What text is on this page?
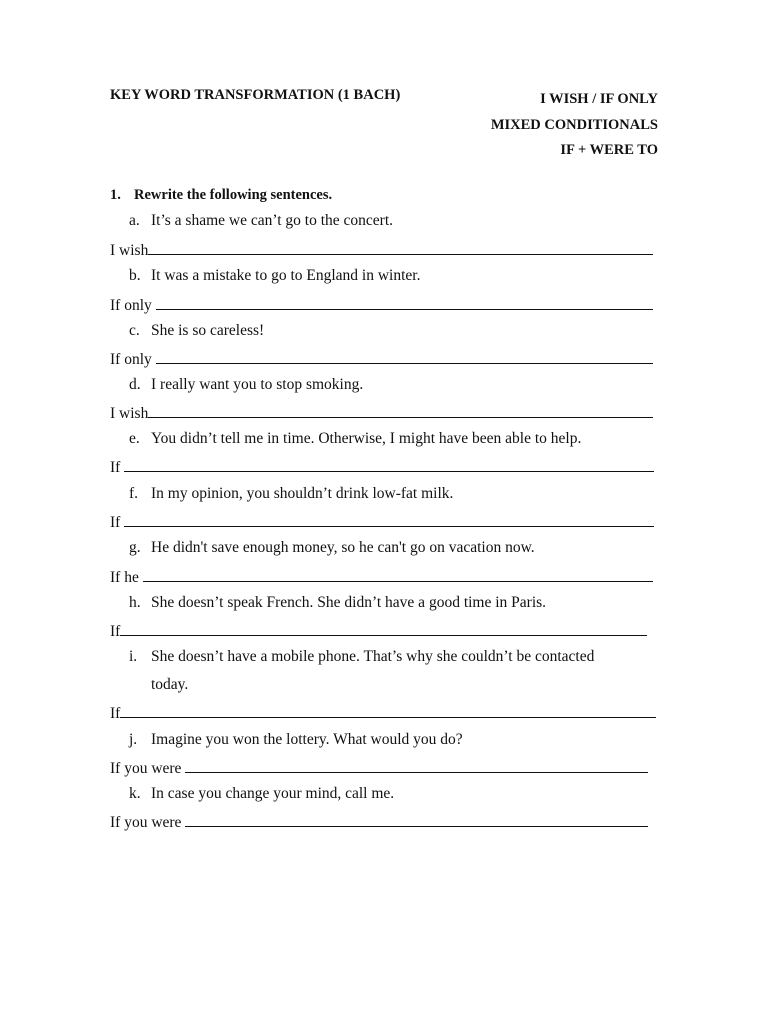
KEY WORD TRANSFORMATION (1 BACH)	I WISH / IF ONLY
MIXED CONDITIONALS
IF + WERE TO
1. Rewrite the following sentences.
a. It’s a shame we can’t go to the concert.
I wish
b. It was a mistake to go to England in winter.
If only
c. She is so careless!
If only
d. I really want you to stop smoking.
I wish
e. You didn’t tell me in time. Otherwise, I might have been able to help.
If
f. In my opinion, you shouldn’t drink low-fat milk.
If
g. He didn't save enough money, so he can't go on vacation now.
If he
h. She doesn’t speak French. She didn’t have a good time in Paris.
If
i. She doesn’t have a mobile phone. That’s why she couldn’t be contacted
today.
If
j. Imagine you won the lottery. What would you do?
If you were
k. In case you change your mind, call me.
If you were
